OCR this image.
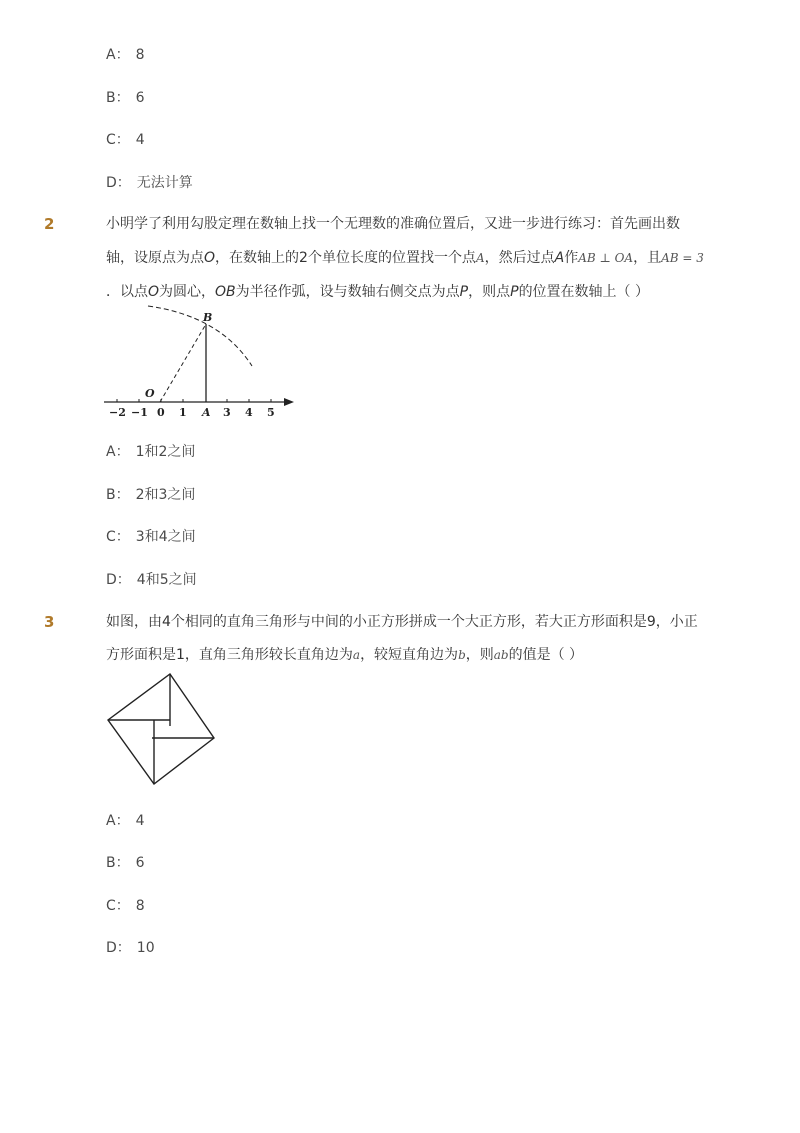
A： 8
B： 6
C： 4
D： 无法计算
2	小明学了利用勾股定理在数轴上找一个无理数的准确位置后，又进一步进行练习：首先画出数
轴，设原点为点O，在数轴上的2个单位长度的位置找一个点A，然后过点A作AB ⊥ OA，且AB = 3
．以点O为圆心，OB为半径作弧，设与数轴右侧交点为点P，则点P的位置在数轴上（ ）
B
O
A
−2 −1 0 1	3 4 5
A： 1和2之间
B： 2和3之间
C： 3和4之间
D： 4和5之间
3	如图，由4个相同的直角三角形与中间的小正方形拼成一个大正方形，若大正方形面积是9，小正
方形面积是1，直角三角形较长直角边为a，较短直角边为b，则ab的值是（ ）
A： 4
B： 6
C： 8
D： 10
